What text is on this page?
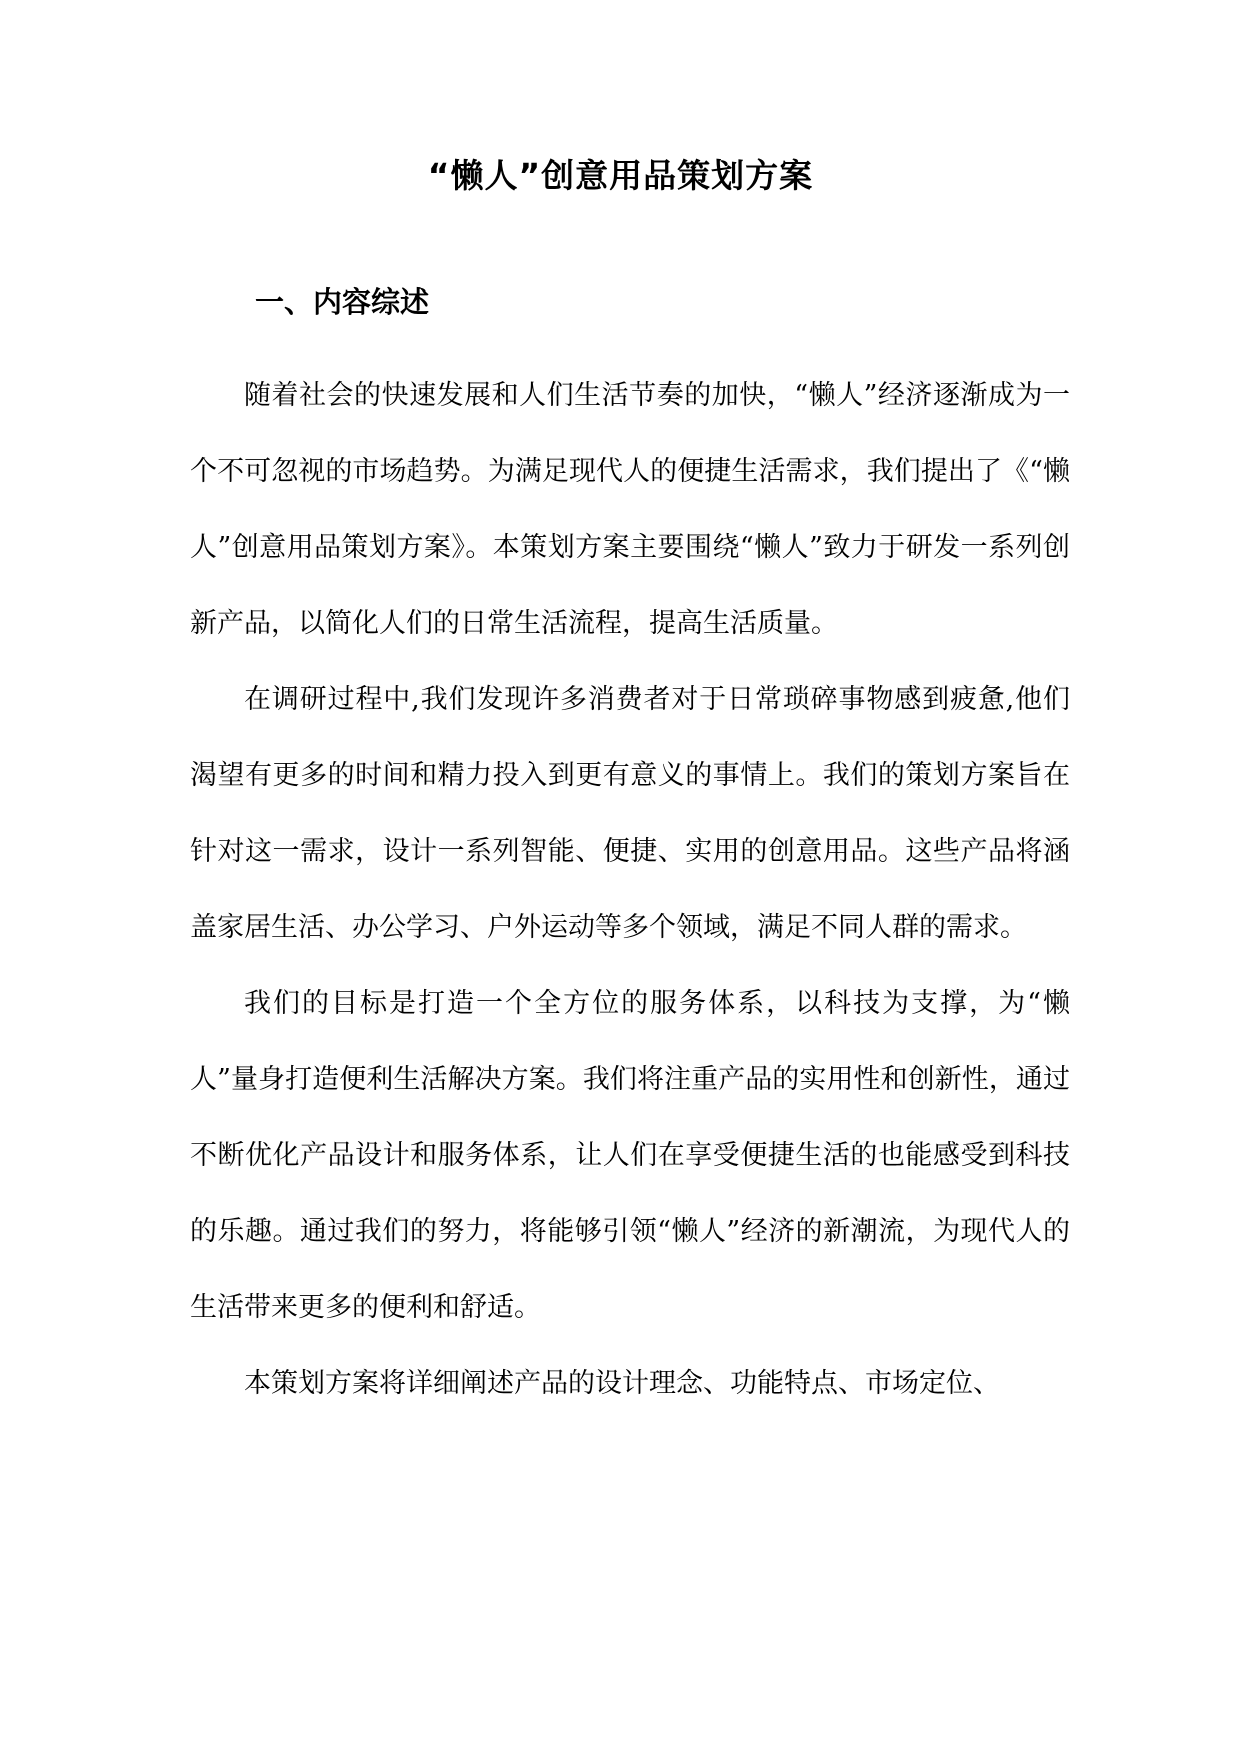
“懒人”创意用品策划方案
一、内容综述

随着社会的快速发展和人们生活节奏的加快，“懒人”经济逐渐成为一个不可忽视的市场趋势。为满足现代人的便捷生活需求，我们提出了《“懒人”创意用品策划方案》。本策划方案主要围绕“懒人”致力于研发一系列创新产品，以简化人们的日常生活流程，提高生活质量。

在调研过程中,我们发现许多消费者对于日常琐碎事物感到疲惫,他们渴望有更多的时间和精力投入到更有意义的事情上。我们的策划方案旨在针对这一需求，设计一系列智能、便捷、实用的创意用品。这些产品将涵盖家居生活、办公学习、户外运动等多个领域，满足不同人群的需求。

我们的目标是打造一个全方位的服务体系，以科技为支撑，为“懒人”量身打造便利生活解决方案。我们将注重产品的实用性和创新性，通过不断优化产品设计和服务体系，让人们在享受便捷生活的也能感受到科技的乐趣。通过我们的努力，将能够引领“懒人”经济的新潮流，为现代人的生活带来更多的便利和舒适。

本策划方案将详细阐述产品的设计理念、功能特点、市场定位、
